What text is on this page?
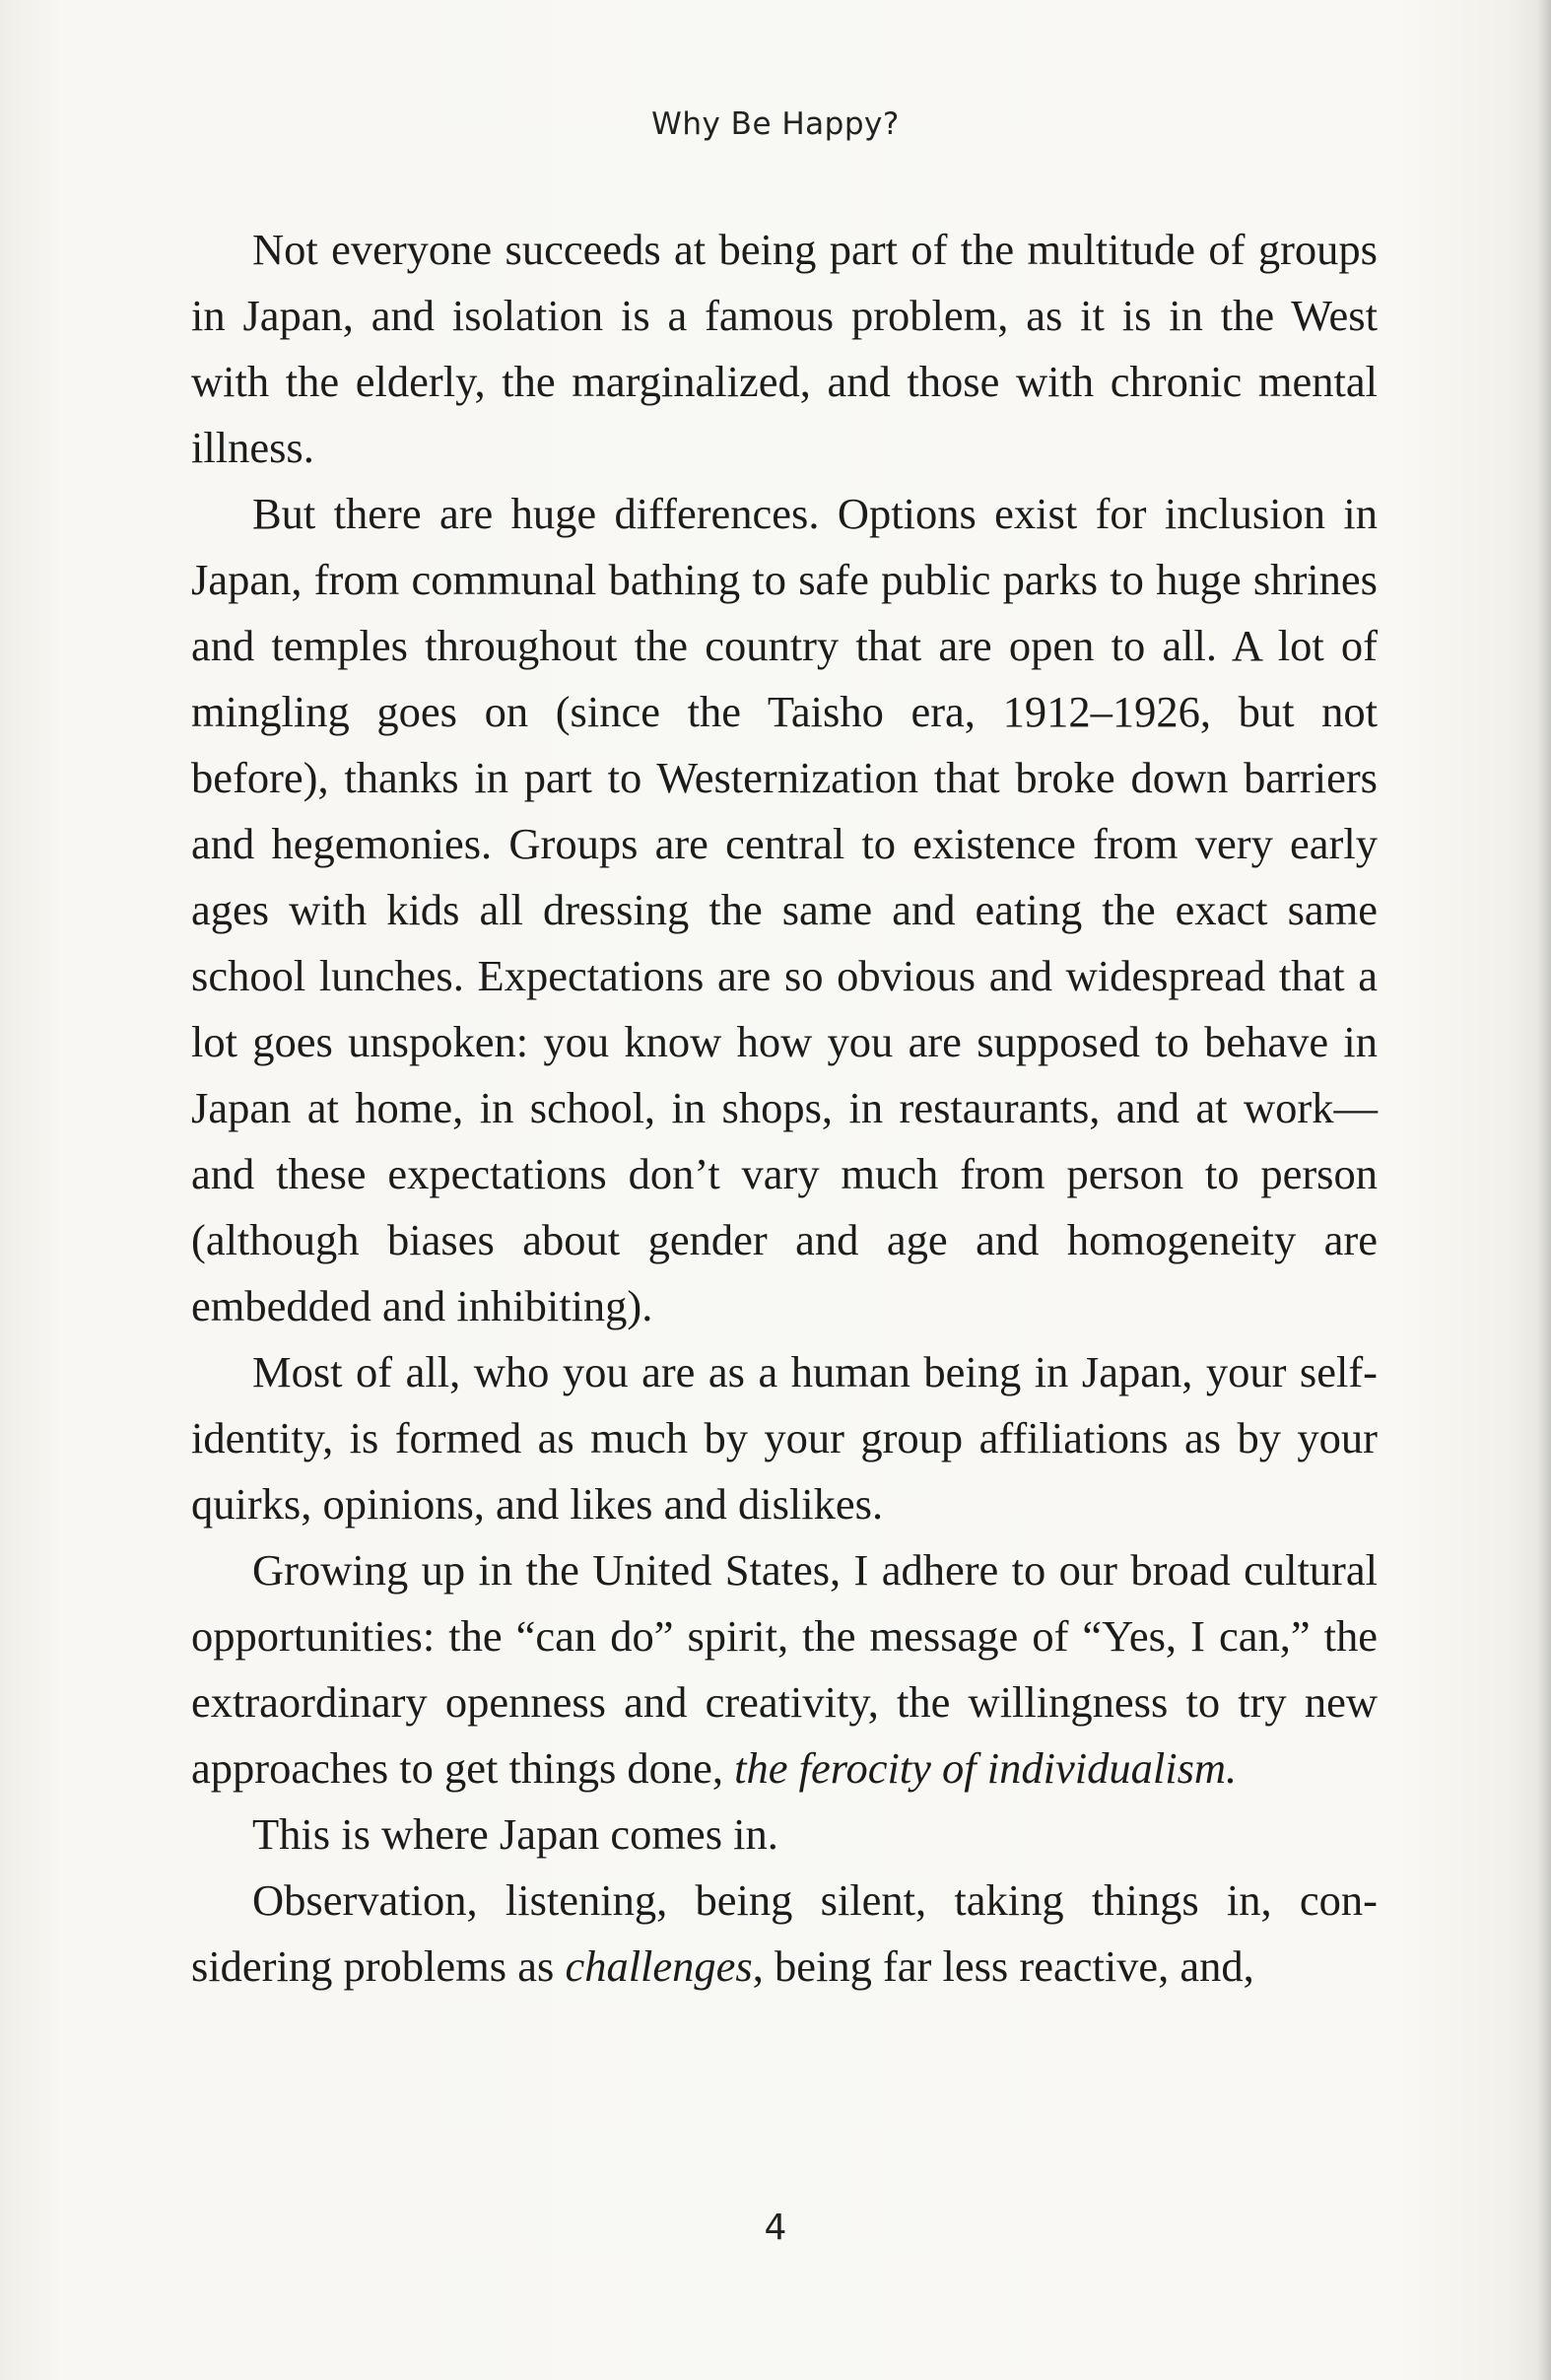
Why Be Happy?

Not everyone succeeds at being part of the multitude of groups in Japan, and isolation is a famous problem, as it is in the West with the elderly, the marginalized, and those with chronic mental illness.

But there are huge differences. Options exist for inclusion in Japan, from communal bathing to safe public parks to huge shrines and temples throughout the country that are open to all. A lot of mingling goes on (since the Taisho era, 1912–1926, but not before), thanks in part to Westernization that broke down barriers and hegemonies. Groups are central to existence from very early ages with kids all dressing the same and eating the exact same school lunches. Expectations are so obvious and widespread that a lot goes unspoken: you know how you are supposed to behave in Japan at home, in school, in shops, in restaurants, and at work—and these expectations don’t vary much from person to person (although biases about gender and age and homogeneity are embedded and inhibiting).

Most of all, who you are as a human being in Japan, your self-identity, is formed as much by your group affiliations as by your quirks, opinions, and likes and dislikes.

Growing up in the United States, I adhere to our broad cultural opportunities: the “can do” spirit, the message of “Yes, I can,” the extraordinary openness and creativity, the willingness to try new approaches to get things done, the ferocity of individualism.

This is where Japan comes in.

Observation, listening, being silent, taking things in, considering problems as challenges, being far less reactive, and,

4
